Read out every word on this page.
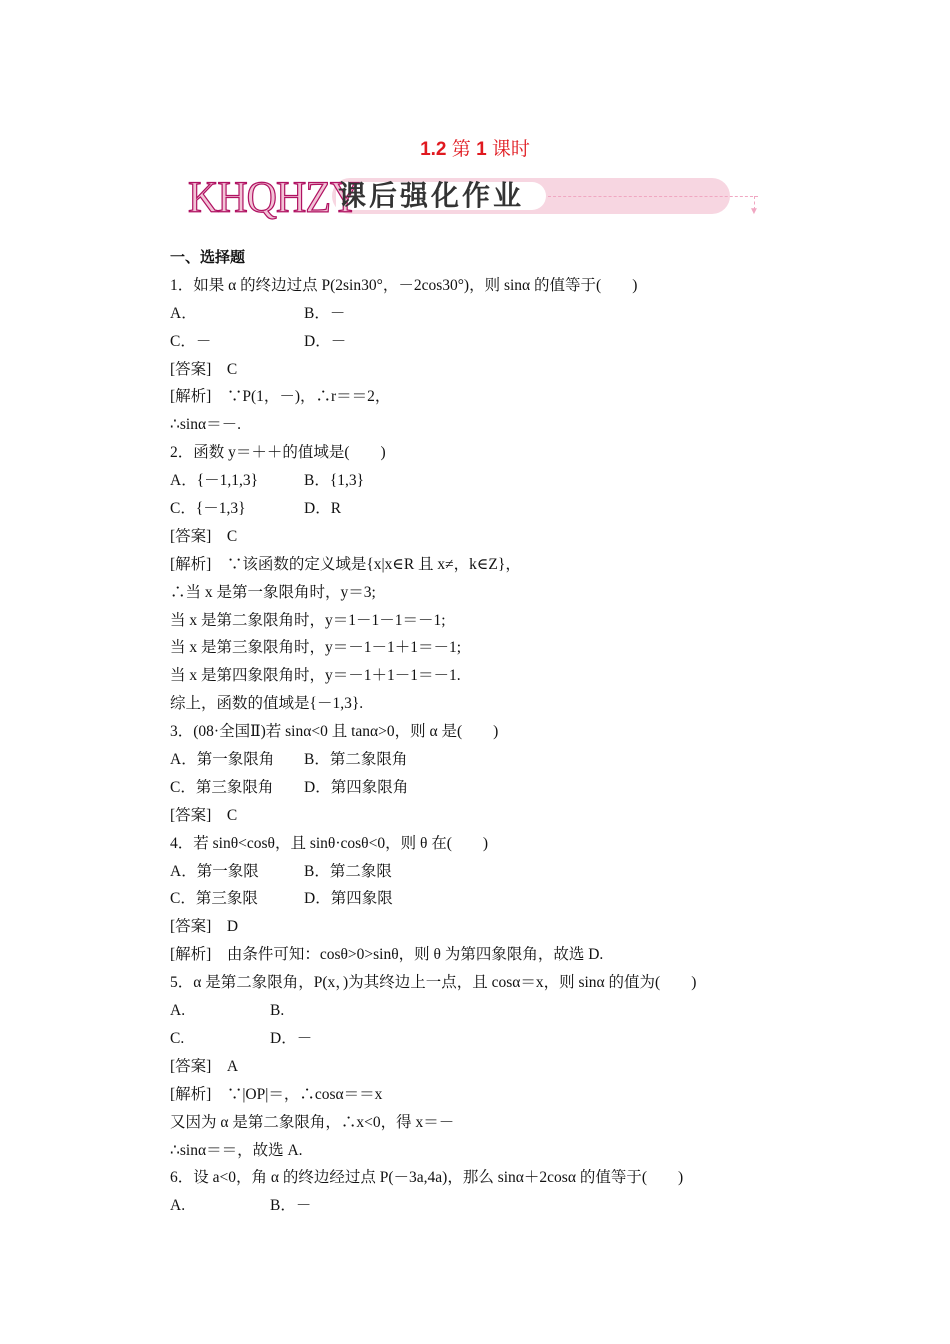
1.2 第 1 课时
KHQHZY
课后强化作业	▼
一、选择题
1．如果 α 的终边过点 P(2sin30°，－2cos30°)，则 sinα 的值等于(　　)
A．	B．－
C．－	D．－
[答案]　C
[解析]　∵P(1，－)，∴r＝＝2，
∴sinα＝－.
2．函数 y＝＋＋的值域是(　　)
A．{－1,1,3}	B．{1,3}
C．{－1,3}	D．R
[答案]　C
[解析]　∵该函数的定义域是{x|x∈R 且 x≠，k∈Z}，
∴当 x 是第一象限角时，y＝3;
当 x 是第二象限角时，y＝1－1－1＝－1;
当 x 是第三象限角时，y＝－1－1＋1＝－1;
当 x 是第四象限角时，y＝－1＋1－1＝－1.
综上，函数的值域是{－1,3}.
3．(08·全国Ⅱ)若 sinα<0 且 tanα>0，则 α 是(　　)
A．第一象限角 B．第二象限角
C．第三象限角 D．第四象限角
[答案]　C
4．若 sinθ<cosθ，且 sinθ·cosθ<0，则 θ 在(　　)
A．第一象限	B．第二象限
C．第三象限	D．第四象限
[答案]　D
[解析]　由条件可知：cosθ>0>sinθ，则 θ 为第四象限角，故选 D.
5．α 是第二象限角，P(x，)为其终边上一点，且 cosα＝x，则 sinα 的值为(　　)
A.	B.
C.	D．－
[答案]　A
[解析]　∵|OP|＝，∴cosα＝＝x
又因为 α 是第二象限角，∴x<0，得 x＝－
∴sinα＝＝，故选 A.
6．设 a<0，角 α 的终边经过点 P(－3a,4a)，那么 sinα＋2cosα 的值等于(　　)
A.	B．－
